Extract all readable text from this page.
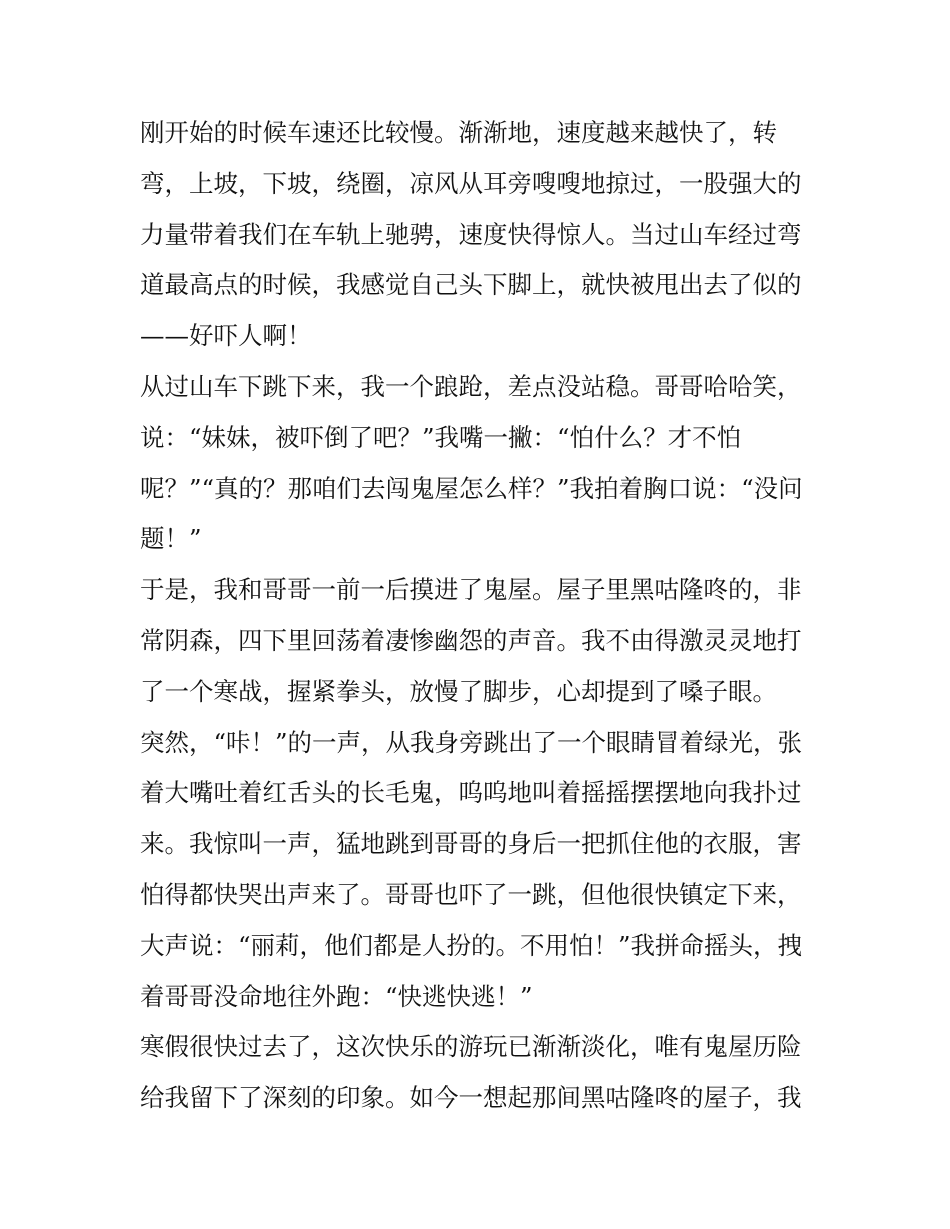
刚开始的时候车速还比较慢。渐渐地，速度越来越快了，转
弯，上坡，下坡，绕圈，凉风从耳旁嗖嗖地掠过，一股强大的
力量带着我们在车轨上驰骋，速度快得惊人。当过山车经过弯
道最高点的时候，我感觉自己头下脚上，就快被甩出去了似的
——好吓人啊！
从过山车下跳下来，我一个踉跄，差点没站稳。哥哥哈哈笑，
说：“妹妹，被吓倒了吧？”我嘴一撇：“怕什么？才不怕
呢？”“真的？那咱们去闯鬼屋怎么样？”我拍着胸口说：“没问
题！”
于是，我和哥哥一前一后摸进了鬼屋。屋子里黑咕隆咚的，非
常阴森，四下里回荡着凄惨幽怨的声音。我不由得激灵灵地打
了一个寒战，握紧拳头，放慢了脚步，心却提到了嗓子眼。
突然，“咔！”的一声，从我身旁跳出了一个眼睛冒着绿光，张
着大嘴吐着红舌头的长毛鬼，呜呜地叫着摇摇摆摆地向我扑过
来。我惊叫一声，猛地跳到哥哥的身后一把抓住他的衣服，害
怕得都快哭出声来了。哥哥也吓了一跳，但他很快镇定下来，
大声说：“丽莉，他们都是人扮的。不用怕！”我拼命摇头，拽
着哥哥没命地往外跑：“快逃快逃！”
寒假很快过去了，这次快乐的游玩已渐渐淡化，唯有鬼屋历险
给我留下了深刻的印象。如今一想起那间黑咕隆咚的屋子，我
